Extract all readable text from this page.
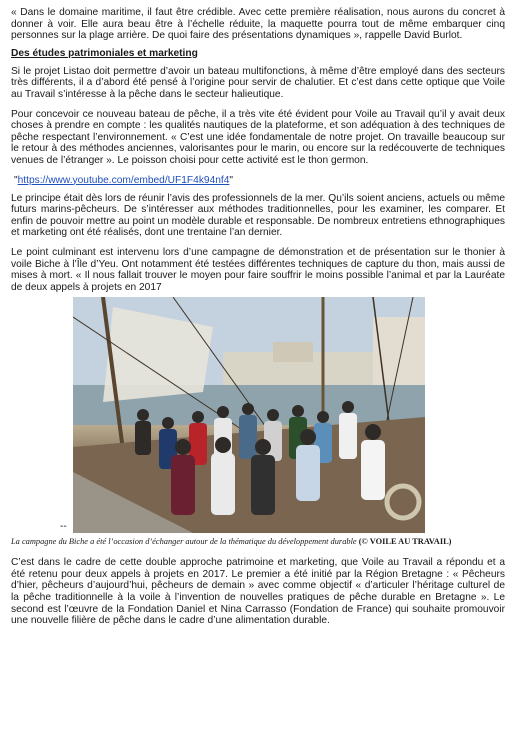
« Dans le domaine maritime, il faut être crédible. Avec cette première réalisation, nous aurons du concret à donner à voir. Elle aura beau être à l’échelle réduite, la maquette pourra tout de même embarquer cinq personnes sur la plage arrière. De quoi faire des présentations dynamiques », rappelle David Burlot.

Des études patrimoniales et marketing

Si le projet Listao doit permettre d’avoir un bateau multifonctions, à même d’être employé dans des secteurs très différents, il a d’abord été pensé à l’origine pour servir de chalutier. Et c’est dans cette optique que Voile au Travail s’intéresse à la pêche dans le secteur halieutique.

Pour concevoir ce nouveau bateau de pêche, il a très vite été évident pour Voile au Travail qu’il y avait deux choses à prendre en compte : les qualités nautiques de la plateforme, et son adéquation à des techniques de pêche respectant l’environnement. « C’est une idée fondamentale de notre projet. On travaille beaucoup sur le retour à des méthodes anciennes, valorisantes pour le marin, ou encore sur la redécouverte de techniques venues de l’étranger ». Le poisson choisi pour cette activité est le thon germon.

"https://www.youtube.com/embed/UF1F4k94nf4"

Le principe était dès lors de réunir l’avis des professionnels de la mer. Qu’ils soient anciens, actuels ou même futurs marins-pêcheurs. De s’intéresser aux méthodes traditionnelles, pour les examiner, les comparer. Et enfin de pouvoir mettre au point un modèle durable et responsable. De nombreux entretiens ethnographiques et marketing ont été réalisés, dont une trentaine l’an dernier.

Le point culminant est intervenu lors d’une campagne de démonstration et de présentation sur le thonier à voile Biche à l’Île d’Yeu. Ont notamment été testées différentes techniques de capture du thon, mais aussi de mises à mort. « Il nous fallait trouver le moyen pour faire souffrir le moins possible l’animal et par la Lauréate de deux appels à projets en 2017

--

La campagne du Biche a été l’occasion d’échanger autour de la thématique du développement durable (© VOILE AU TRAVAIL)

C’est dans le cadre de cette double approche patrimoine et marketing, que Voile au Travail a répondu et a été retenu pour deux appels à projets en 2017. Le premier a été initié par la Région Bretagne : « Pêcheurs d’hier, pêcheurs d’aujourd’hui, pêcheurs de demain » avec comme objectif « d’articuler l’héritage culturel de la pêche traditionnelle à la voile à l’invention de nouvelles pratiques de pêche durable en Bretagne ». Le second est l’œuvre de la Fondation Daniel et Nina Carrasso (Fondation de France) qui souhaite promouvoir une nouvelle filière de pêche dans le cadre d’une alimentation durable.
